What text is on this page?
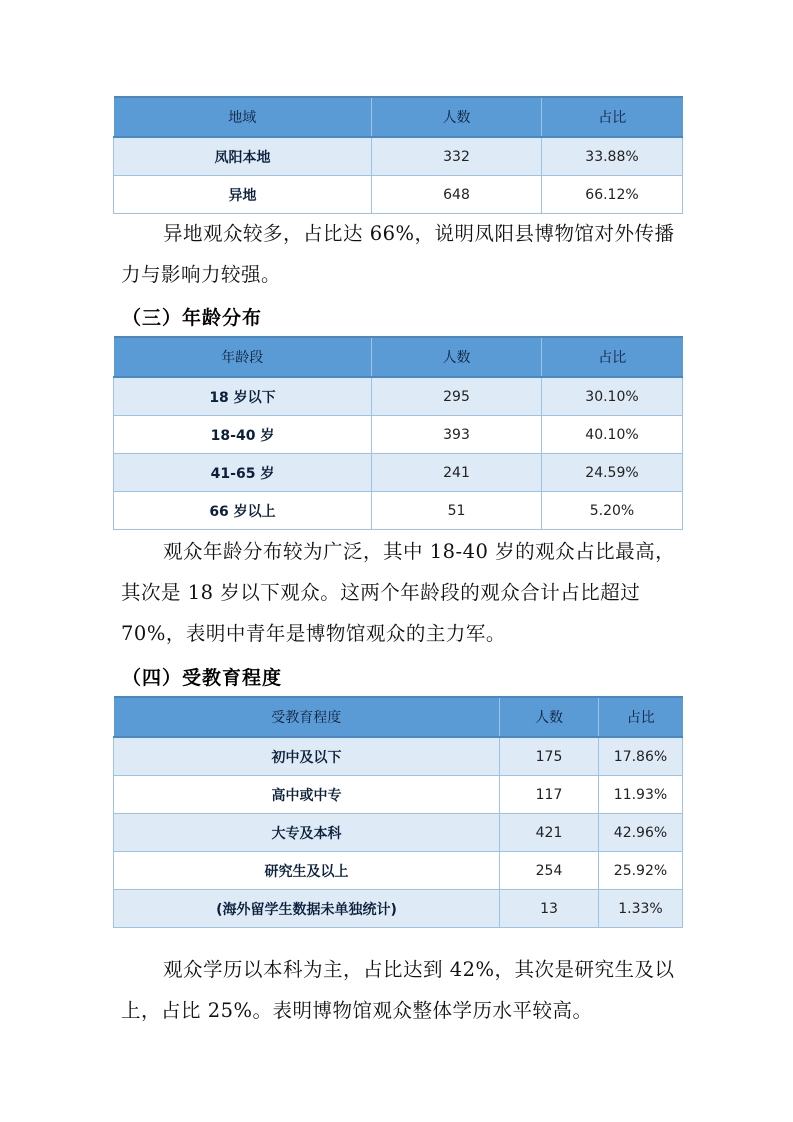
地域	人数	占比
凤阳本地	332	33.88%
异地	648	66.12%

异地观众较多，占比达 66%，说明凤阳县博物馆对外传播力与影响力较强。

（三）年龄分布
年龄段	人数	占比
18 岁以下	295	30.10%
18-40 岁	393	40.10%
41-65 岁	241	24.59%
66 岁以上	51	5.20%

观众年龄分布较为广泛，其中 18-40 岁的观众占比最高，其次是 18 岁以下观众。这两个年龄段的观众合计占比超过 70%，表明中青年是博物馆观众的主力军。

（四）受教育程度
受教育程度	人数	占比
初中及以下	175	17.86%
高中或中专	117	11.93%
大专及本科	421	42.96%
研究生及以上	254	25.92%
(海外留学生数据未单独统计)	13	1.33%

观众学历以本科为主，占比达到 42%，其次是研究生及以上，占比 25%。表明博物馆观众整体学历水平较高。
